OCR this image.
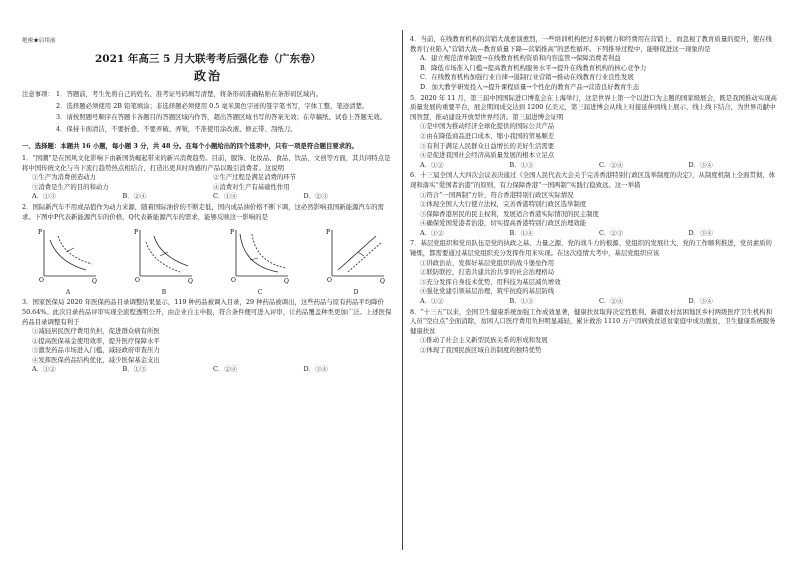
绝密★启用前
2021 年高三 5 月大联考考后强化卷（广东卷）
政治
注意事项： 1．答题前，考生先将自己的姓名、准考证号码填写清楚，将条形码准确粘贴在条形码区域内。
2．选择题必须使用 2B 铅笔填涂；非选择题必须使用 0.5 毫米黑色字迹的签字笔书写，字体工整、笔迹清楚。
3．请按照题号顺序在答题卡各题目的答题区域内作答，超出答题区域书写的答案无效；在草稿纸、试卷上答题无效。
4．保持卡面清洁，不要折叠、不要弄破、弄皱，不准使用涂改液、修正带、刮纸刀。
一、选择题：本题共 16 小题，每小题 3 分，共 48 分。在每个小题给出的四个选项中，只有一项是符合题目要求的。
1．“国潮”是在国风文化影响下由新国货崛起带来的新兴消费趋势。目前，服饰、化妆品、食品、饮品、文创等方面，其共同特点是将中国传统文化与当下流行趋势热点相结合，打造出更具时尚感的产品以吸引消费者。这说明
①生产为消费创造动力	②生产过程是满足消费的环节
③消费是生产的目的和动力	④消费对生产有基础性作用
A．①③	B．②④	C．①④	D．②③
2．国际新汽车不用或品值作为动力来源，随着国际油价的不断走低，国内成品油价格不断下调，这必然影响我国新能源汽车的需求。下图中P代表新能源汽车的价格，Q代表新能源汽车的需求，能够反映这一影响的是
P
Q
O
A
P
Q
O
B
P
Q
O
C
P
Q
O
D
3．国家医保局 2020 年医保药品目录调整结果显示，119 种药品被调入目录，29 种药品被调出，这些药品与原有药品平均降价 50.64%。此次目录药品评审实现全流程透明公开，由企业自主申报，符合条件便可进入评审，让药品覆盖种类更加广泛。上述医保药品目录调整有利于
①减轻居民医疗费用负担，促进群众病有所医
②提高医保基金使用效率，提升医疗保障水平
③激发药品市场进入门槛，减轻政府审查压力
④发挥医保药品结构优化，减少医保基金支出
A．①②	B．①③	C．②④	D．③④
4．当前，在线教育机构的营销大战愈演愈烈，一些培训机构把过多的精力和经费用在营销上，而忽视了教育质量的提升，使在线教育行业陷入“营销大战—教育质量下降—营销推高”的恶性循环。下列推导过程中，能够促进这一现象的是
A．建立规范清单制度→在线教育机构资质和内容监管→保障消费者利益
B．降低市场准入门槛→提高教育机构服务水平→提升在线教育机构的核心竞争力
C．在线教育机构加强行业自律→遏制行业营销→推动在线教育行业良性发展
D．加大教学研发投入→提升课程质量→个性化的教育产品→营造良好教育生态
5．2020 年 11 月，第三届中国国际进口博览会在上海举行，这是世界上第一个以进口为主题的国家级展会，既是我国推动实现高质量发展的重要平台，展会期间成交达到 1200 亿美元，第三届进博会从线上对接延伸到线上展示，线上线下结合，为世界贡献中国智慧，推动建设开放型世界经济。第三届进博会证明
①是中国为推动经济全球化提供的国际公共产品
②由在降低商品进口成本，缩小我国的贸易顺差
③有利于满足人民群众日益增长的美好生活需要
④是促进我国社会经济高质量发展的根本立足点
A．①②	B．①③	C．②④	D．③④
6．十三届全国人大四次会议表决通过《全国人民代表大会关于完善香港特别行政区选举制度的决定》，从制度机制上全面贯彻、体现和落实“爱国者治港”的原则，有力保障香港“一国两制”实践行稳致远。这一举措
①符合“一国两制”方针，符合香港特别行政区实际情况
②体现全国人大行使立法权，完善香港特别行政区选举制度
③保障香港居民的民主权利，发展适合香港实际情况的民主制度
④确保爱国爱港者治港，切实提高香港特别行政区治理效能
A．①②	B．①④	C．②③	D．③④
7．基层党组织和党员队伍是党的执政之基、力量之源，党的战斗力的根源、党组织的发展壮大，党的工作顺利推进，党员素质的锤炼，都需要通过基层党组织充分发挥作用来实现。在这次疫情大考中，基层党组织应该
①讲政治站，发挥好基层党组织的战斗堡垒作用
②联防联控，打造共建共治共享的社会治理格局
③充分发挥自身技术优势，用科技为基层减负增效
④强化党建引领基层治理，筑牢抗疫的基层防线
A．①②	B．①③	C．②④	D．③④
8．“十三五”以来，全国卫生健康系统加强工作成效显著，健康扶贫取得决定性胜利，新疆农村贫困地区乡村两级医疗卫生机构和人员“空白点”全面消除，贫困人口医疗费用负担明显减轻，累计救治 1110 万户因病致贫返贫家庭中成功脱贫，卫生健康系统服务健康扶贫
①推动了社会主义新型民族关系的形成和发展
②体现了我国民族区域自治制度的独特优势
